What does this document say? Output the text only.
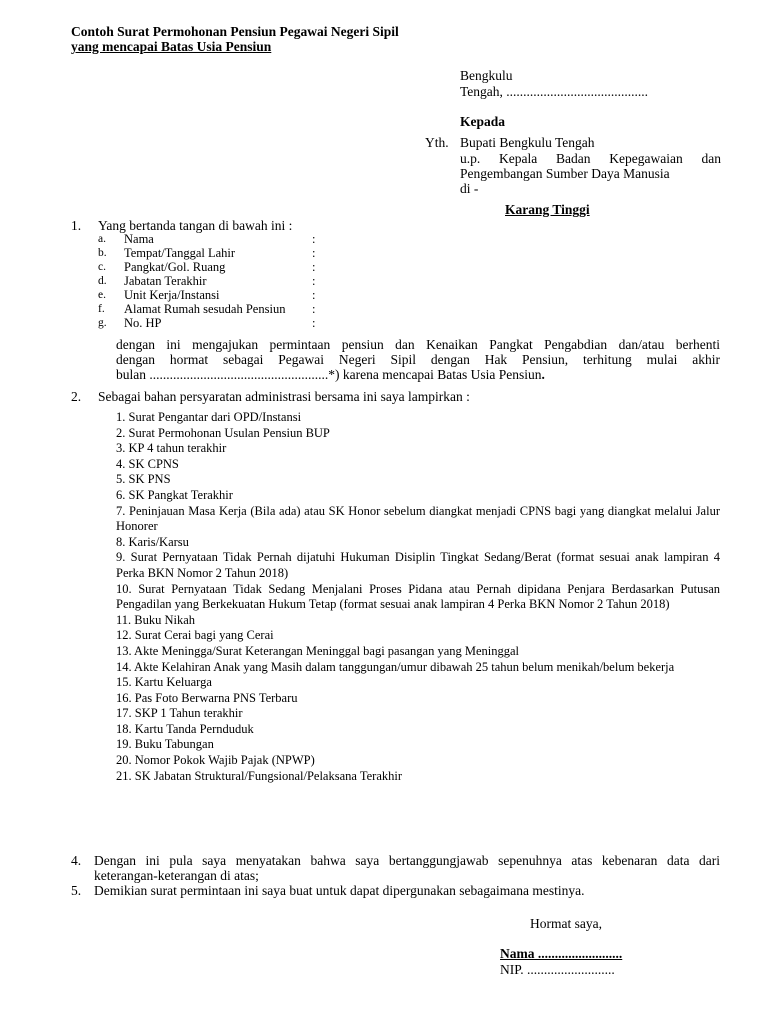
Contoh Surat Permohonan Pensiun Pegawai Negeri Sipil
yang mencapai Batas Usia Pensiun
Bengkulu
Tengah, ..........................................
Kepada
Yth. Bupati Bengkulu Tengah
u.p. Kepala Badan Kepegawaian dan
Pengembangan Sumber Daya Manusia
di -
Karang Tinggi
1. Yang bertanda tangan di bawah ini :
a. Nama	:
b. Tempat/Tanggal Lahir	:
c. Pangkat/Gol. Ruang	:
d. Jabatan Terakhir	:
e. Unit Kerja/Instansi	:
f. Alamat Rumah sesudah Pensiun :
g. No. HP	:
dengan ini mengajukan permintaan pensiun dan Kenaikan Pangkat Pengabdian dan/atau berhenti
dengan hormat sebagai Pegawai Negeri Sipil dengan Hak Pensiun, terhitung mulai akhir
bulan .....................................................*) karena mencapai Batas Usia Pensiun.
2. Sebagai bahan persyaratan administrasi bersama ini saya lampirkan :
1. Surat Pengantar dari OPD/Instansi
2. Surat Permohonan Usulan Pensiun BUP
3. KP 4 tahun terakhir
4. SK CPNS
5. SK PNS
6. SK Pangkat Terakhir
7. Peninjauan Masa Kerja (Bila ada) atau SK Honor sebelum diangkat menjadi CPNS bagi yang diangkat melalui Jalur Honorer
8. Karis/Karsu
9. Surat Pernyataan Tidak Pernah dijatuhi Hukuman Disiplin Tingkat Sedang/Berat (format sesuai anak lampiran 4 Perka BKN Nomor 2 Tahun 2018)
10. Surat Pernyataan Tidak Sedang Menjalani Proses Pidana atau Pernah dipidana Penjara Berdasarkan Putusan Pengadilan yang Berkekuatan Hukum Tetap (format sesuai anak lampiran 4 Perka BKN Nomor 2 Tahun 2018)
11. Buku Nikah
12. Surat Cerai bagi yang Cerai
13. Akte Meningga/Surat Keterangan Meninggal bagi pasangan yang Meninggal
14. Akte Kelahiran Anak yang Masih dalam tanggungan/umur dibawah 25 tahun belum menikah/belum bekerja
15. Kartu Keluarga
16. Pas Foto Berwarna PNS Terbaru
17. SKP 1 Tahun terakhir
18. Kartu Tanda Pernduduk
19. Buku Tabungan
20. Nomor Pokok Wajib Pajak (NPWP)
21. SK Jabatan Struktural/Fungsional/Pelaksana Terakhir
4. Dengan ini pula saya menyatakan bahwa saya bertanggungjawab sepenuhnya atas kebenaran data dari
keterangan-keterangan di atas;
5. Demikian surat permintaan ini saya buat untuk dapat dipergunakan sebagaimana mestinya.
Hormat saya,
Nama .........................
NIP. ..........................
